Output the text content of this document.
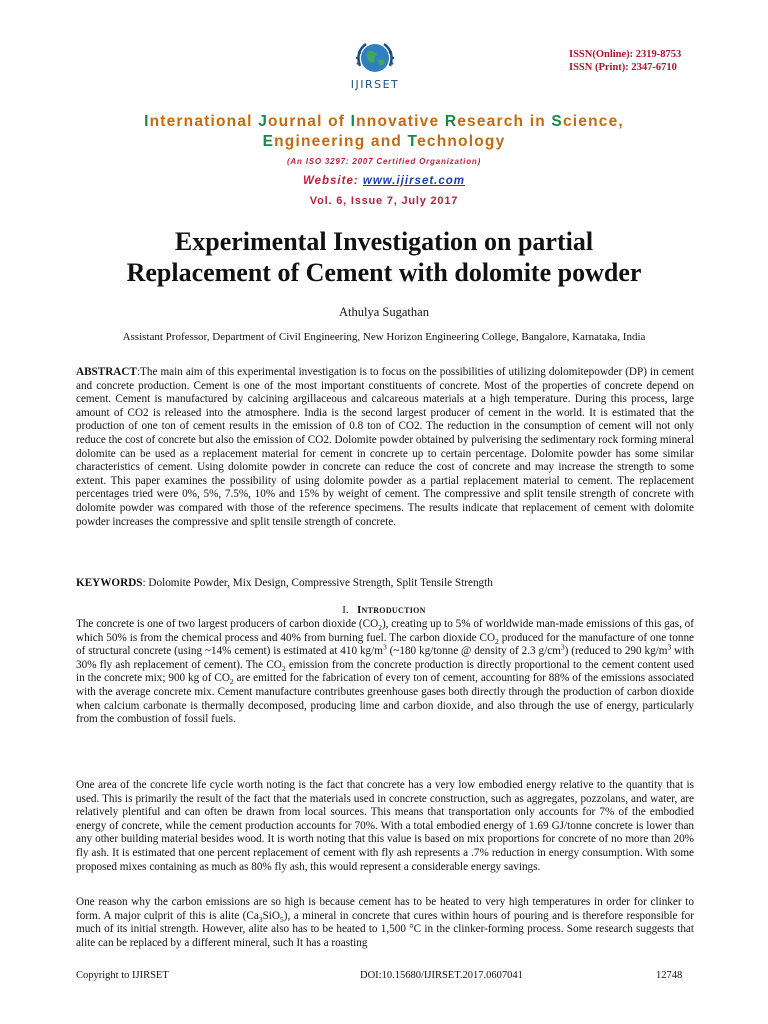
IJIRSET
ISSN(Online): 2319-8753
ISSN (Print): 2347-6710
International Journal of Innovative Research in Science,
Engineering and Technology
(An ISO 3297: 2007 Certified Organization)
Website: www.ijirset.com
Vol. 6, Issue 7, July 2017
Experimental Investigation on partial
Replacement of Cement with dolomite powder
Athulya Sugathan
Assistant Professor, Department of Civil Engineering, New Horizon Engineering College, Bangalore, Karnataka, India
ABSTRACT:The main aim of this experimental investigation is to focus on the possibilities of utilizing dolomitepowder (DP) in cement and concrete production. Cement is one of the most important constituents of concrete. Most of the properties of concrete depend on cement. Cement is manufactured by calcining argillaceous and calcareous materials at a high temperature. During this process, large amount of CO2 is released into the atmosphere. India is the second largest producer of cement in the world. It is estimated that the production of one ton of cement results in the emission of 0.8 ton of CO2. The reduction in the consumption of cement will not only reduce the cost of concrete but also the emission of CO2. Dolomite powder obtained by pulverising the sedimentary rock forming mineral dolomite can be used as a replacement material for cement in concrete up to certain percentage. Dolomite powder has some similar characteristics of cement. Using dolomite powder in concrete can reduce the cost of concrete and may increase the strength to some extent. This paper examines the possibility of using dolomite powder as a partial replacement material to cement. The replacement percentages tried were 0%, 5%, 7.5%, 10% and 15% by weight of cement. The compressive and split tensile strength of concrete with dolomite powder was compared with those of the reference specimens. The results indicate that replacement of cement with dolomite powder increases the compressive and split tensile strength of concrete.
KEYWORDS: Dolomite Powder, Mix Design, Compressive Strength, Split Tensile Strength
I. Introduction
The concrete is one of two largest producers of carbon dioxide $(CO_2)$, creating up to 5% of worldwide man-made emissions of this gas, of which 50% is from the chemical process and 40% from burning fuel. The carbon dioxide $CO_2$ produced for the manufacture of one tonne of structural concrete (using ~14% cement) is estimated at 410 $kg/m^3$ (~180 kg/tonne @ density of 2.3 $g/cm^3$) (reduced to 290 $kg/m^3$ with 30% fly ash replacement of cement). The $CO_2$ emission from the concrete production is directly proportional to the cement content used in the concrete mix; 900 kg of $CO_2$ are emitted for the fabrication of every ton of cement, accounting for 88% of the emissions associated with the average concrete mix. Cement manufacture contributes greenhouse gases both directly through the production of carbon dioxide when calcium carbonate is thermally decomposed, producing lime and carbon dioxide, and also through the use of energy, particularly from the combustion of fossil fuels.
One area of the concrete life cycle worth noting is the fact that concrete has a very low embodied energy relative to the quantity that is used. This is primarily the result of the fact that the materials used in concrete construction, such as aggregates, pozzolans, and water, are relatively plentiful and can often be drawn from local sources. This means that transportation only accounts for 7% of the embodied energy of concrete, while the cement production accounts for 70%. With a total embodied energy of 1.69 GJ/tonne concrete is lower than any other building material besides wood. It is worth noting that this value is based on mix proportions for concrete of no more than 20% fly ash. It is estimated that one percent replacement of cement with fly ash represents a .7% reduction in energy consumption. With some proposed mixes containing as much as 80% fly ash, this would represent a considerable energy savings.
One reason why the carbon emissions are so high is because cement has to be heated to very high temperatures in order for clinker to form. A major culprit of this is alite $(Ca_3SiO_5)$, a mineral in concrete that cures within hours of pouring and is therefore responsible for much of its initial strength. However, alite also has to be heated to 1,500 °C in the clinker-forming process. Some research suggests that alite can be replaced by a different mineral, such It has a roasting
Copyright to IJIRSET	DOI:10.15680/IJIRSET.2017.0607041	12748
